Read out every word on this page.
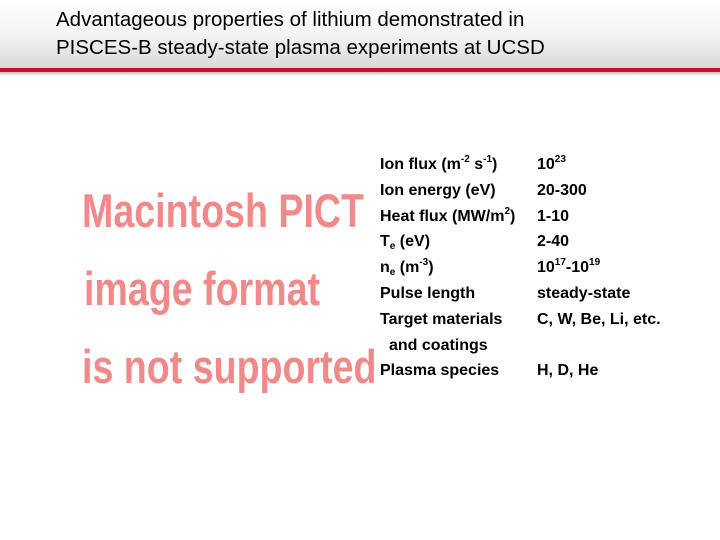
Advantageous properties of lithium demonstrated in
PISCES-B steady-state plasma experiments at UCSD
Macintosh PICT
image format
is not supported
Ion flux ($m^{-2}$ $s^{-1}$) $10^{23}$
Ion energy (eV)	20-300
Heat flux $(MW/m^2)$ 1-10
$T_e$ (eV)	2-40
$n_e$ $(m^{-3})$	$10^{17}-10^{19}$
Pulse length	steady-state
Target materials C, W, Be, Li, etc.
and coatings
Plasma species H, D, He
